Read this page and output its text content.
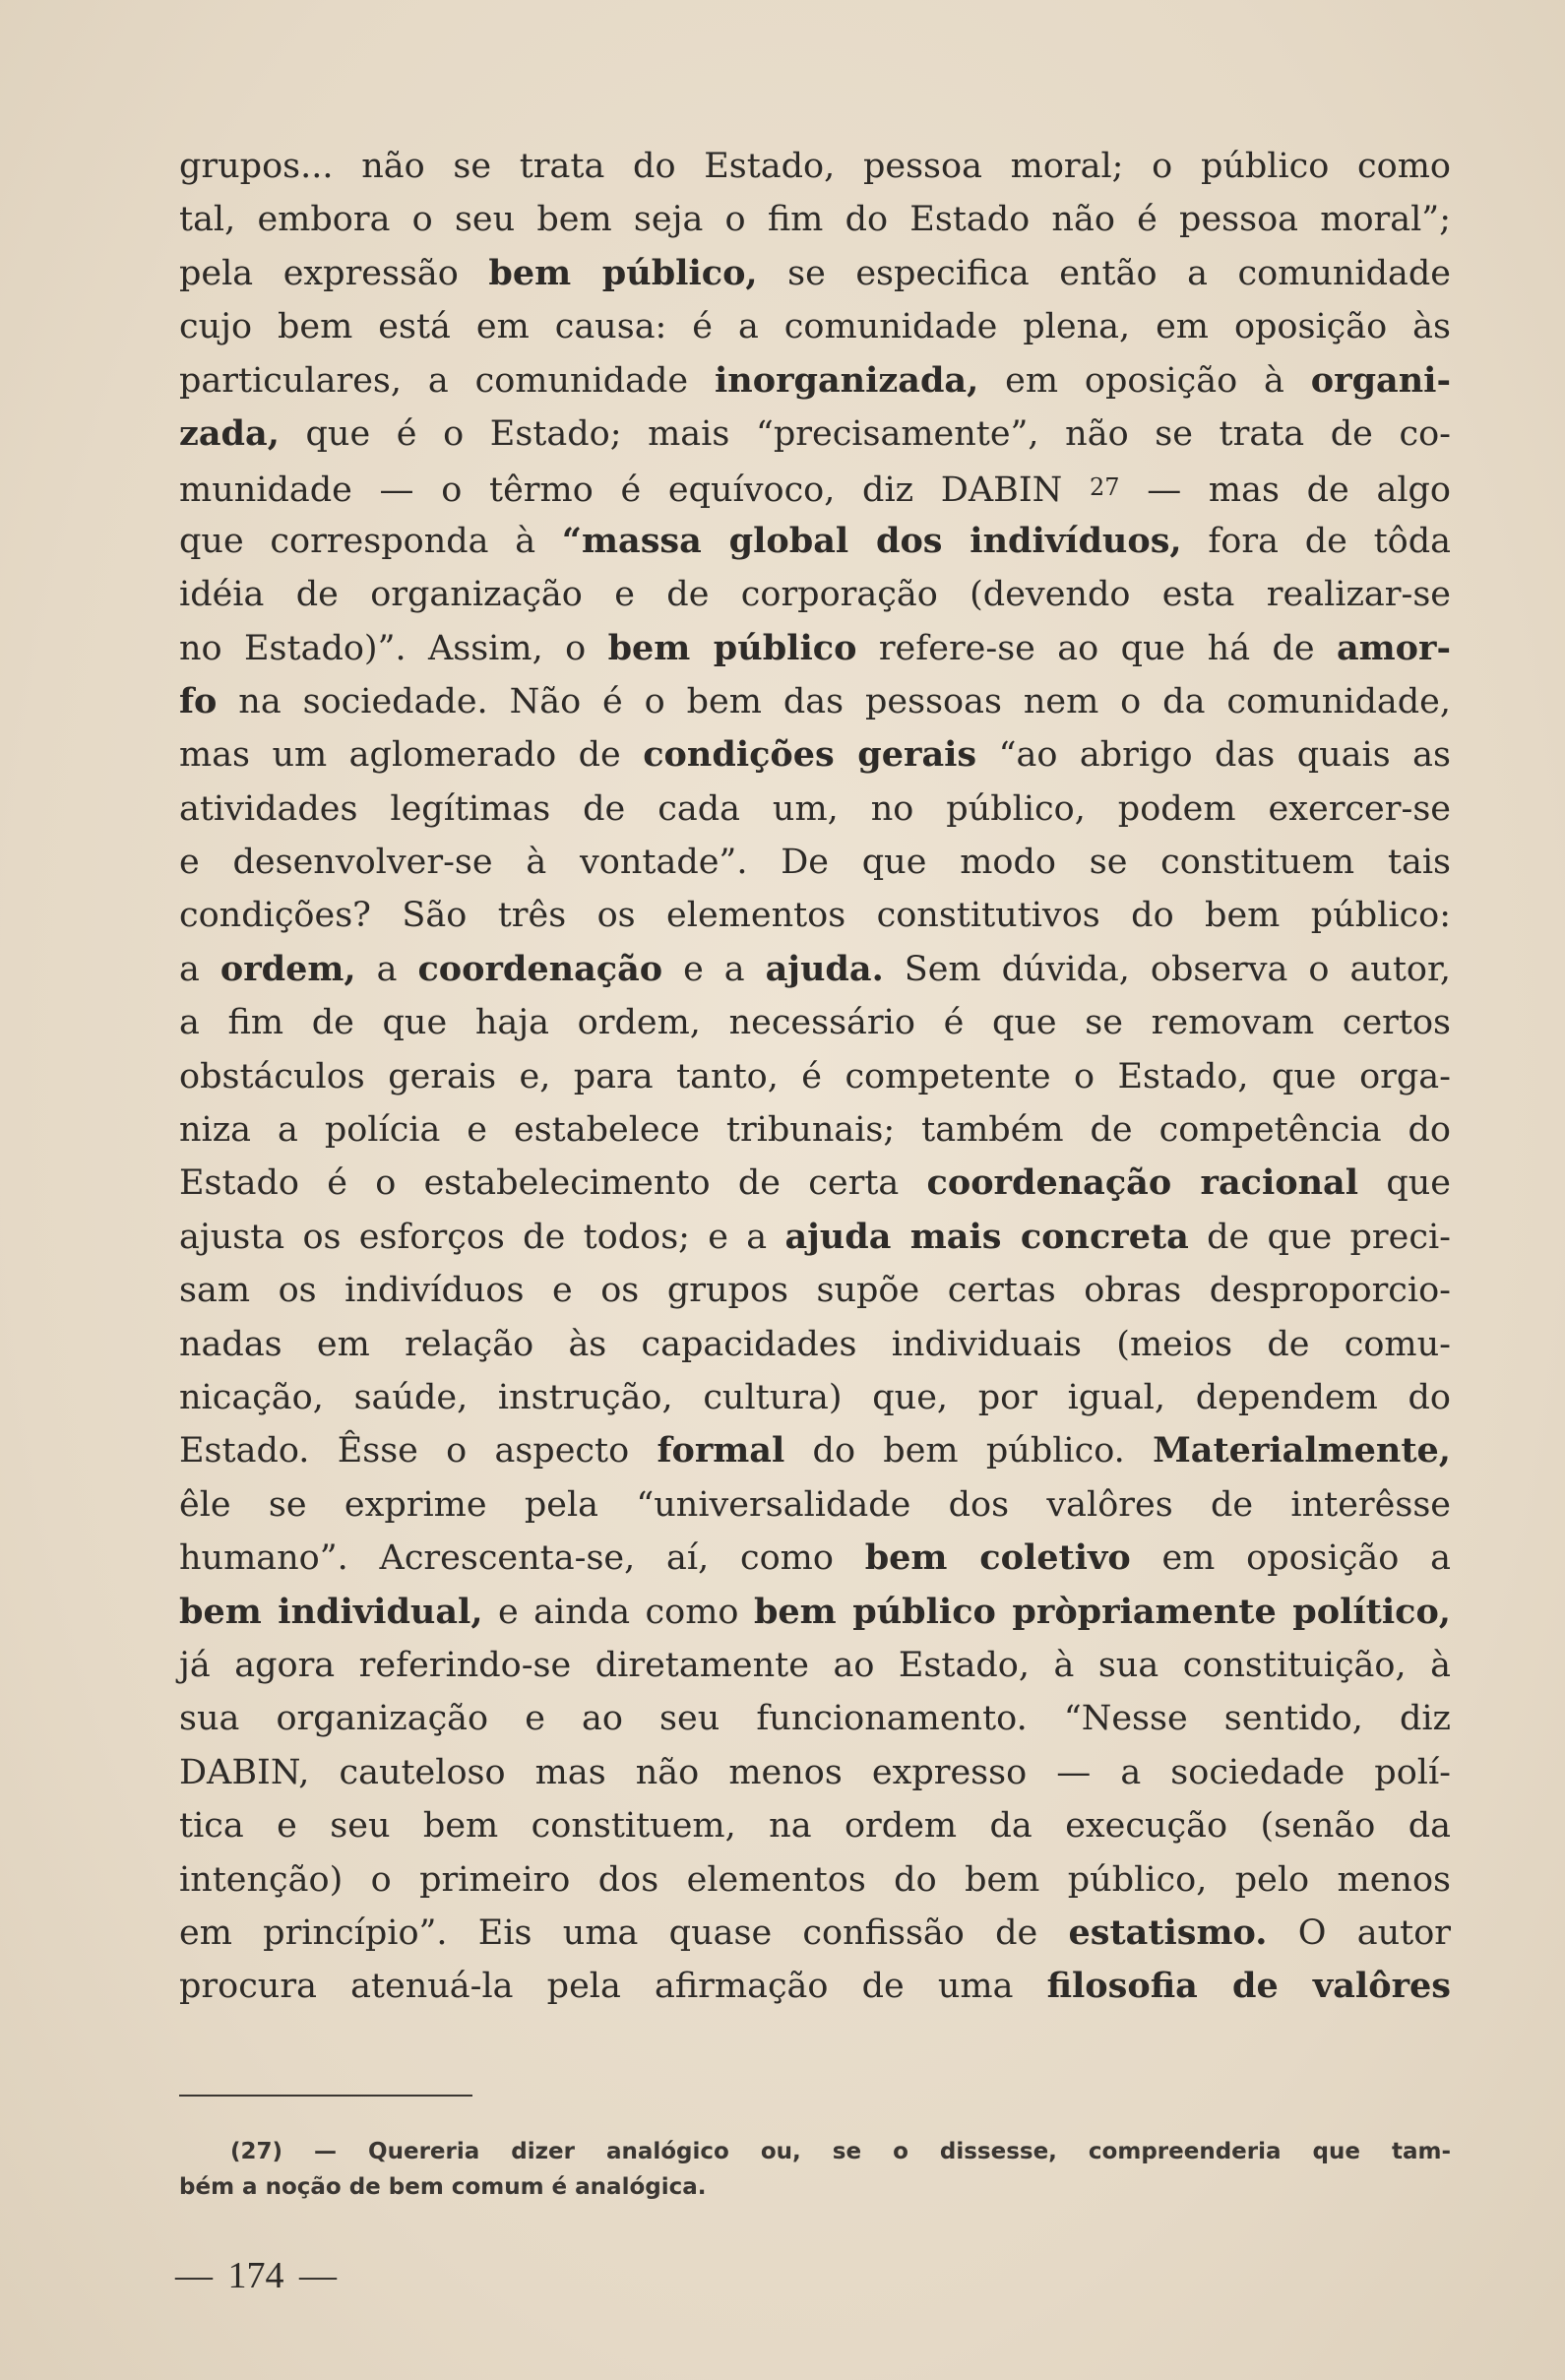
grupos... não se trata do Estado, pessoa moral; o público como
tal, embora o seu bem seja o fim do Estado não é pessoa moral”;
pela expressão bem público, se especifica então a comunidade
cujo bem está em causa: é a comunidade plena, em oposição às
particulares, a comunidade inorganizada, em oposição à organi-
zada, que é o Estado; mais “precisamente”, não se trata de co-
munidade — o têrmo é equívoco, diz DABIN $^{27}$ — mas de algo
que corresponda à “massa global dos indivíduos, fora de tôda
idéia de organização e de corporação (devendo esta realizar-se
no Estado)”. Assim, o bem público refere-se ao que há de amor-
fo na sociedade. Não é o bem das pessoas nem o da comunidade,
mas um aglomerado de condições gerais “ao abrigo das quais as
atividades legítimas de cada um, no público, podem exercer-se
e desenvolver-se à vontade”. De que modo se constituem tais
condições? São três os elementos constitutivos do bem público:
a ordem, a coordenação e a ajuda. Sem dúvida, observa o autor,
a fim de que haja ordem, necessário é que se removam certos
obstáculos gerais e, para tanto, é competente o Estado, que orga-
niza a polícia e estabelece tribunais; também de competência do
Estado é o estabelecimento de certa coordenação racional que
ajusta os esforços de todos; e a ajuda mais concreta de que preci-
sam os indivíduos e os grupos supõe certas obras desproporcio-
nadas em relação às capacidades individuais (meios de comu-
nicação, saúde, instrução, cultura) que, por igual, dependem do
Estado. Êsse o aspecto formal do bem público. Materialmente,
êle se exprime pela “universalidade dos valôres de interêsse
humano”. Acrescenta-se, aí, como bem coletivo em oposição a
bem individual, e ainda como bem público pròpriamente político,
já agora referindo-se diretamente ao Estado, à sua constituição, à
sua organização e ao seu funcionamento. “Nesse sentido, diz
DABIN, cauteloso mas não menos expresso — a sociedade polí-
tica e seu bem constituem, na ordem da execução (senão da
intenção) o primeiro dos elementos do bem público, pelo menos
em princípio”. Eis uma quase confissão de estatismo. O autor
procura atenuá-la pela afirmação de uma filosofia de valôres
(27) — Quereria dizer analógico ou, se o dissesse, compreenderia que tam-
bém a noção de bem comum é analógica.
— 174 —
